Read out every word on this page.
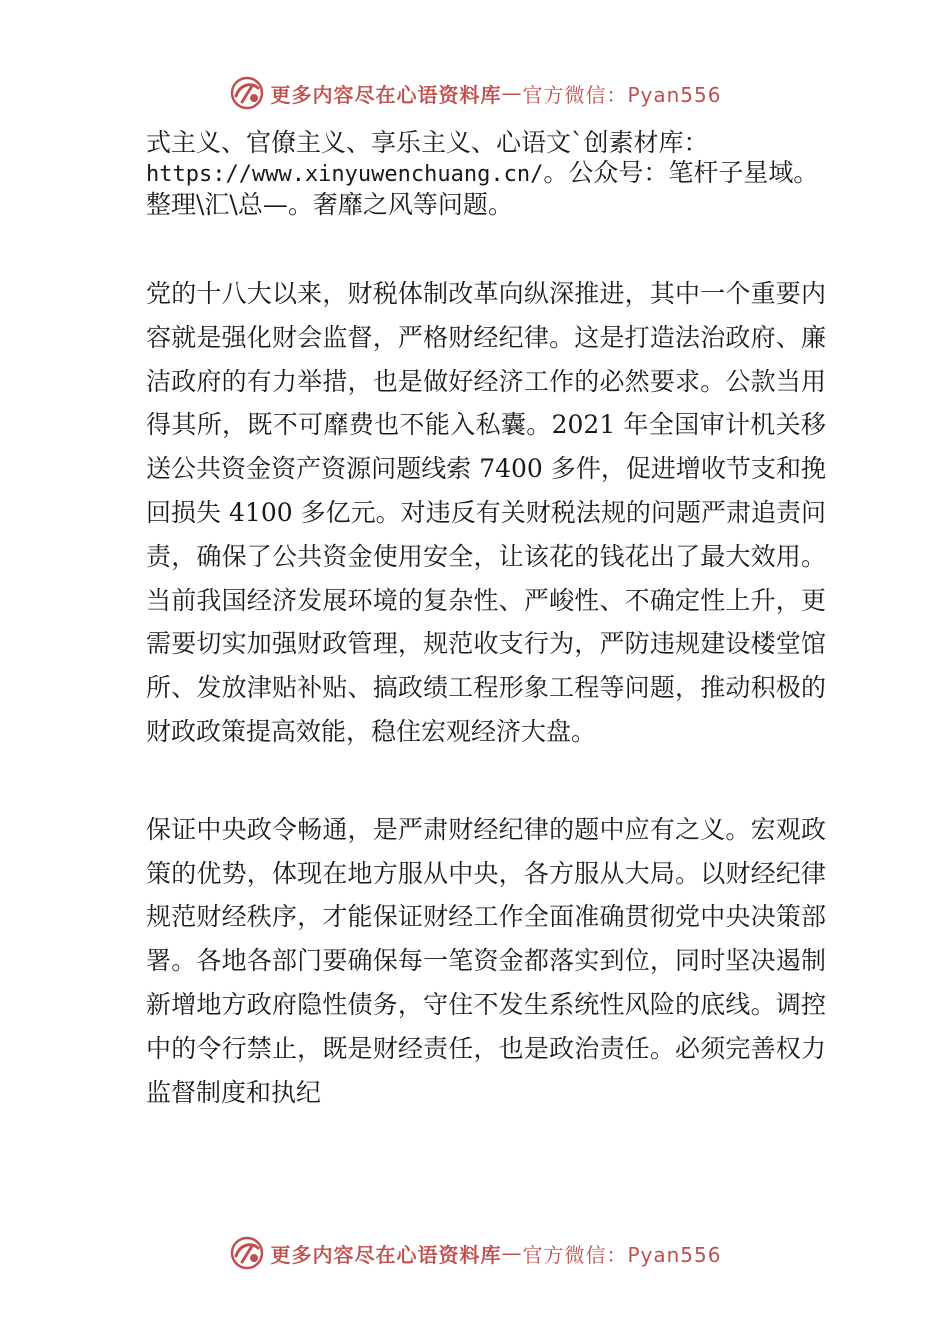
更多内容尽在心语资料库 — 官方微信：Pyan556

式主义、官僚主义、享乐主义、心语文`创素材库：
https://www.xinyuwenchuang.cn/。公众号：笔杆子星域。
整理\汇\总—。奢靡之风等问题。

党的十八大以来，财税体制改革向纵深推进，其中一个重要内容就是强化财会监督，严格财经纪律。这是打造法治政府、廉洁政府的有力举措，也是做好经济工作的必然要求。公款当用得其所，既不可靡费也不能入私囊。2021 年全国审计机关移送公共资金资产资源问题线索 7400 多件，促进增收节支和挽回损失 4100 多亿元。对违反有关财税法规的问题严肃追责问责，确保了公共资金使用安全，让该花的钱花出了最大效用。当前我国经济发展环境的复杂性、严峻性、不确定性上升，更需要切实加强财政管理，规范收支行为，严防违规建设楼堂馆所、发放津贴补贴、搞政绩工程形象工程等问题，推动积极的财政政策提高效能，稳住宏观经济大盘。

保证中央政令畅通，是严肃财经纪律的题中应有之义。宏观政策的优势，体现在地方服从中央，各方服从大局。以财经纪律规范财经秩序，才能保证财经工作全面准确贯彻党中央决策部署。各地各部门要确保每一笔资金都落实到位，同时坚决遏制新增地方政府隐性债务，守住不发生系统性风险的底线。调控中的令行禁止，既是财经责任，也是政治责任。必须完善权力监督制度和执纪

更多内容尽在心语资料库 — 官方微信：Pyan556
